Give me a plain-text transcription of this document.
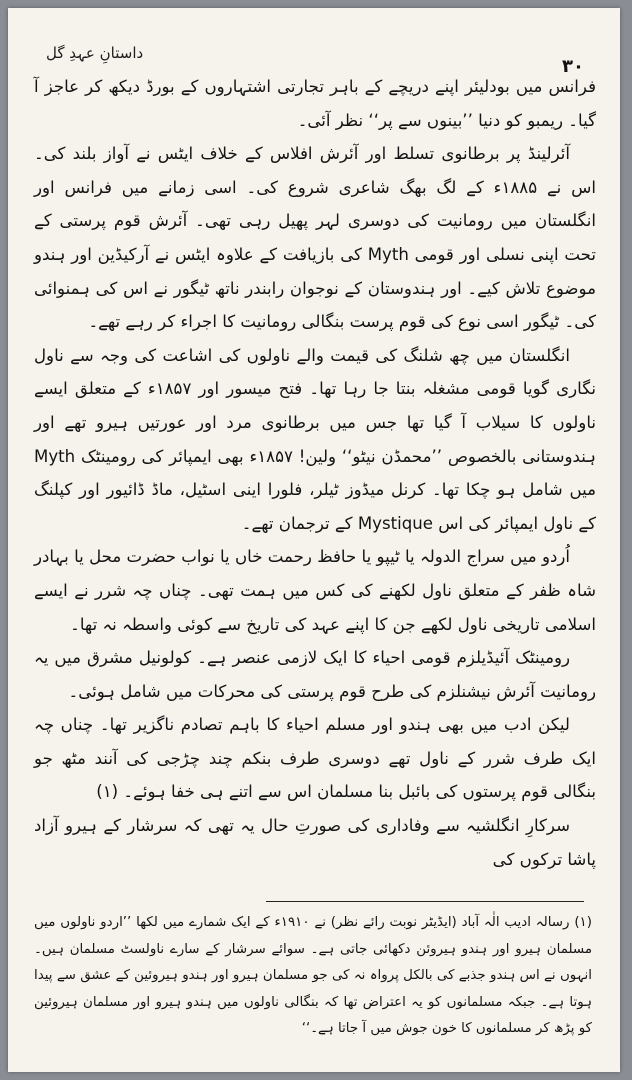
داستانِ عہدِ گل
۳۰

فرانس میں بودلیئر اپنے دریچے کے باہر تجارتی اشتہاروں کے بورڈ دیکھ کر عاجز آ گیا۔ ریمبو کو دنیا ’’بینوں سے پر‘‘ نظر آئی۔

آئرلینڈ پر برطانوی تسلط اور آئرش افلاس کے خلاف ایٹس نے آواز بلند کی۔ اس نے ۱۸۸۵ء کے لگ بھگ شاعری شروع کی۔ اسی زمانے میں فرانس اور انگلستان میں رومانیت کی دوسری لہر پھیل رہی تھی۔ آئرش قوم پرستی کے تحت اپنی نسلی اور قومی Myth کی بازیافت کے علاوہ ایٹس نے آرکیڈین اور ہندو موضوع تلاش کیے۔ اور ہندوستان کے نوجوان رابندر ناتھ ٹیگور نے اس کی ہمنوائی کی۔ ٹیگور اسی نوع کی قوم پرست بنگالی رومانیت کا اجراء کر رہے تھے۔

انگلستان میں چھ شلنگ کی قیمت والے ناولوں کی اشاعت کی وجہ سے ناول نگاری گویا قومی مشغلہ بنتا جا رہا تھا۔ فتح میسور اور ۱۸۵۷ء کے متعلق ایسے ناولوں کا سیلاب آ گیا تھا جس میں برطانوی مرد اور عورتیں ہیرو تھے اور ہندوستانی بالخصوص ’’محمڈن نیٹو‘‘ ولین! ۱۸۵۷ء بھی ایمپائر کی رومینٹک Myth میں شامل ہو چکا تھا۔ کرنل میڈوز ٹیلر، فلورا اینی اسٹیل، ماڈ ڈائیور اور کپلنگ کے ناول ایمپائر کی اس Mystique کے ترجمان تھے۔

اُردو میں سراج الدولہ یا ٹیپو یا حافظ رحمت خاں یا نواب حضرت محل یا بہادر شاہ ظفر کے متعلق ناول لکھنے کی کس میں ہمت تھی۔ چناں چہ شرر نے ایسے اسلامی تاریخی ناول لکھے جن کا اپنے عہد کی تاریخ سے کوئی واسطہ نہ تھا۔

رومینٹک آئیڈیلزم قومی احیاء کا ایک لازمی عنصر ہے۔ کولونیل مشرق میں یہ رومانیت آئرش نیشنلزم کی طرح قوم پرستی کی محرکات میں شامل ہوئی۔

لیکن ادب میں بھی ہندو اور مسلم احیاء کا باہم تصادم ناگزیر تھا۔ چناں چہ ایک طرف شرر کے ناول تھے دوسری طرف بنکم چند چڑجی کی آنند مٹھ جو بنگالی قوم پرستوں کی بائبل بنا مسلمان اس سے اتنے ہی خفا ہوئے۔ (۱)

سرکارِ انگلشیہ سے وفاداری کی صورتِ حال یہ تھی کہ سرشار کے ہیرو آزاد پاشا ترکوں کی

(۱) رسالہ ادیب الٰہ آباد (ایڈیٹر نوبت رائے نظر) نے ۱۹۱۰ء کے ایک شمارے میں لکھا ’’اردو ناولوں میں مسلمان ہیرو اور ہندو ہیروئن دکھائی جاتی ہے۔ سوائے سرشار کے سارے ناولسٹ مسلمان ہیں۔ انہوں نے اس ہندو جذبے کی بالکل پرواہ نہ کی جو مسلمان ہیرو اور ہندو ہیروئین کے عشق سے پیدا ہوتا ہے۔ جبکہ مسلمانوں کو یہ اعتراض تھا کہ بنگالی ناولوں میں ہندو ہیرو اور مسلمان ہیروئین کو پڑھ کر مسلمانوں کا خون جوش میں آ جاتا ہے۔‘‘
